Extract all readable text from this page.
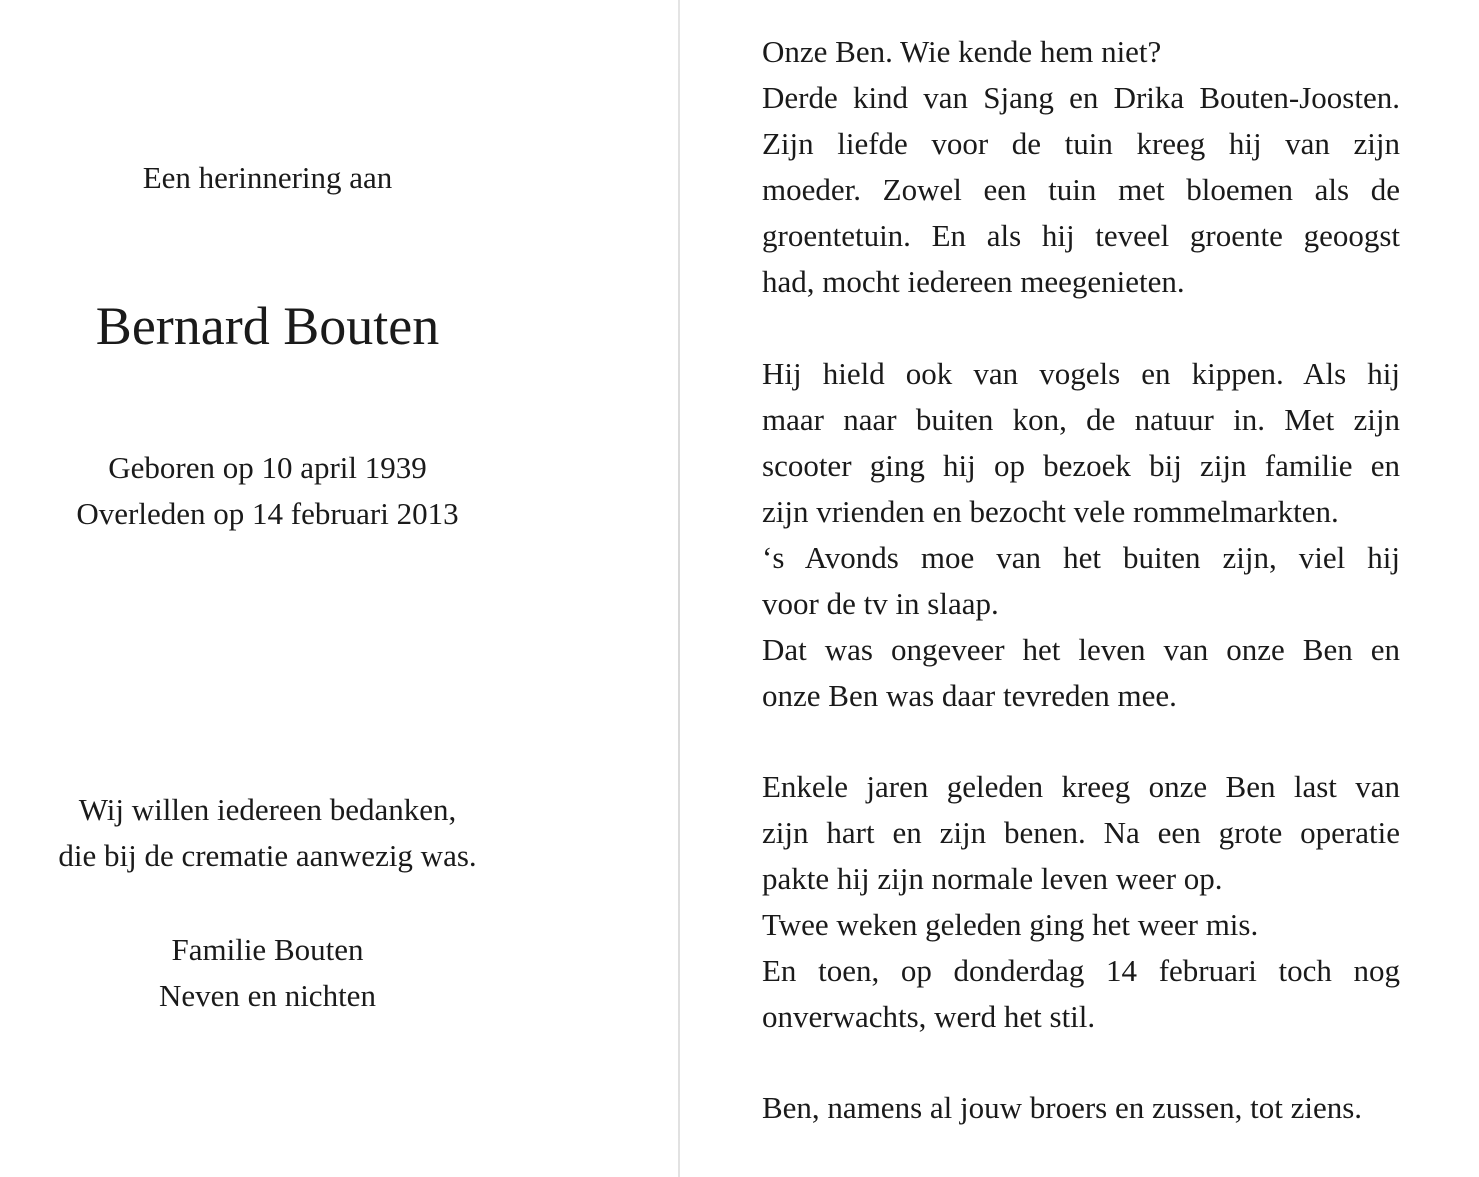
Een herinnering aan
Bernard Bouten
Geboren op 10 april 1939
Overleden op 14 februari 2013
Wij willen iedereen bedanken,
die bij de crematie aanwezig was.
Familie Bouten
Neven en nichten
Onze Ben. Wie kende hem niet?
Derde kind van Sjang en Drika Bouten-Joosten.
Zijn liefde voor de tuin kreeg hij van zijn
moeder. Zowel een tuin met bloemen als de
groentetuin. En als hij teveel groente geoogst
had, mocht iedereen meegenieten.
Hij hield ook van vogels en kippen. Als hij
maar naar buiten kon, de natuur in. Met zijn
scooter ging hij op bezoek bij zijn familie en
zijn vrienden en bezocht vele rommelmarkten.
‘s Avonds moe van het buiten zijn, viel hij
voor de tv in slaap.
Dat was ongeveer het leven van onze Ben en
onze Ben was daar tevreden mee.
Enkele jaren geleden kreeg onze Ben last van
zijn hart en zijn benen. Na een grote operatie
pakte hij zijn normale leven weer op.
Twee weken geleden ging het weer mis.
En toen, op donderdag 14 februari toch nog
onverwachts, werd het stil.
Ben, namens al jouw broers en zussen, tot ziens.
